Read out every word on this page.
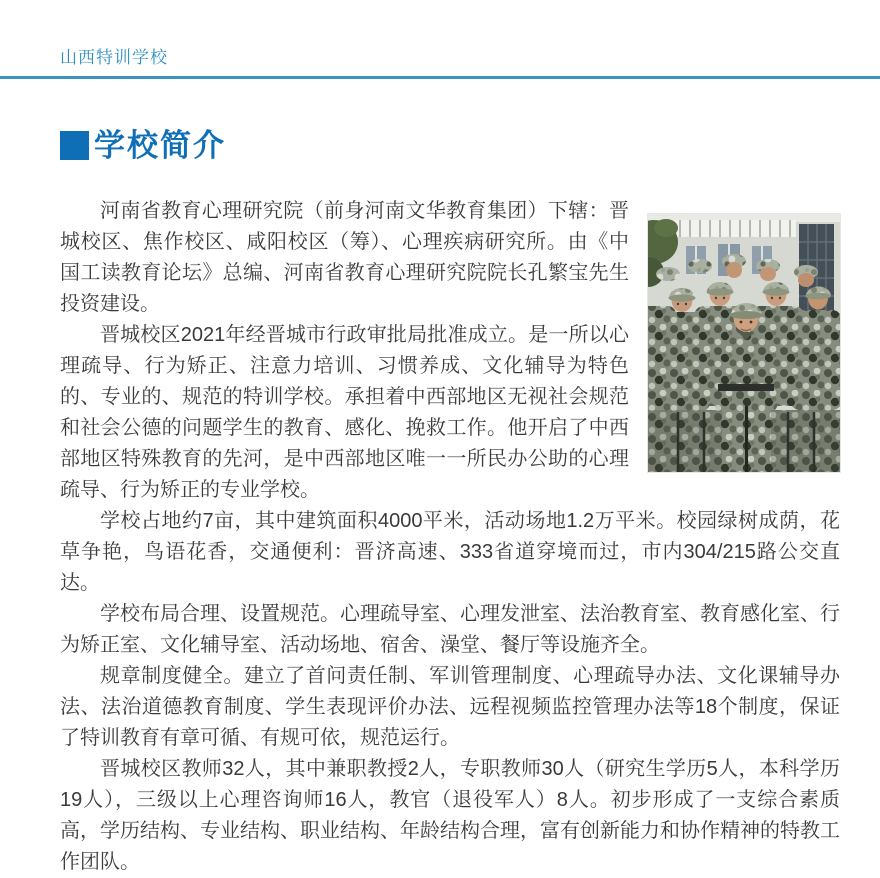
山西特训学校
学校简介

河南省教育心理研究院（前身河南文华教育集团）下辖：晋城校区、焦作校区、咸阳校区（筹）、心理疾病研究所。由《中国工读教育论坛》总编、河南省教育心理研究院院长孔繁宝先生投资建设。

晋城校区2021年经晋城市行政审批局批准成立。是一所以心理疏导、行为矫正、注意力培训、习惯养成、文化辅导为特色的、专业的、规范的特训学校。承担着中西部地区无视社会规范和社会公德的问题学生的教育、感化、挽救工作。他开启了中西部地区特殊教育的先河，是中西部地区唯一一所民办公助的心理疏导、行为矫正的专业学校。

学校占地约7亩，其中建筑面积4000平米，活动场地1.2万平米。校园绿树成荫，花草争艳，鸟语花香，交通便利：晋济高速、333省道穿境而过，市内304/215路公交直达。

学校布局合理、设置规范。心理疏导室、心理发泄室、法治教育室、教育感化室、行为矫正室、文化辅导室、活动场地、宿舍、澡堂、餐厅等设施齐全。

规章制度健全。建立了首问责任制、军训管理制度、心理疏导办法、文化课辅导办法、法治道德教育制度、学生表现评价办法、远程视频监控管理办法等18个制度，保证了特训教育有章可循、有规可依，规范运行。

晋城校区教师32人，其中兼职教授2人，专职教师30人（研究生学历5人，本科学历19人），三级以上心理咨询师16人，教官（退役军人）8人。初步形成了一支综合素质高，学历结构、专业结构、职业结构、年龄结构合理，富有创新能力和协作精神的特教工作团队。
